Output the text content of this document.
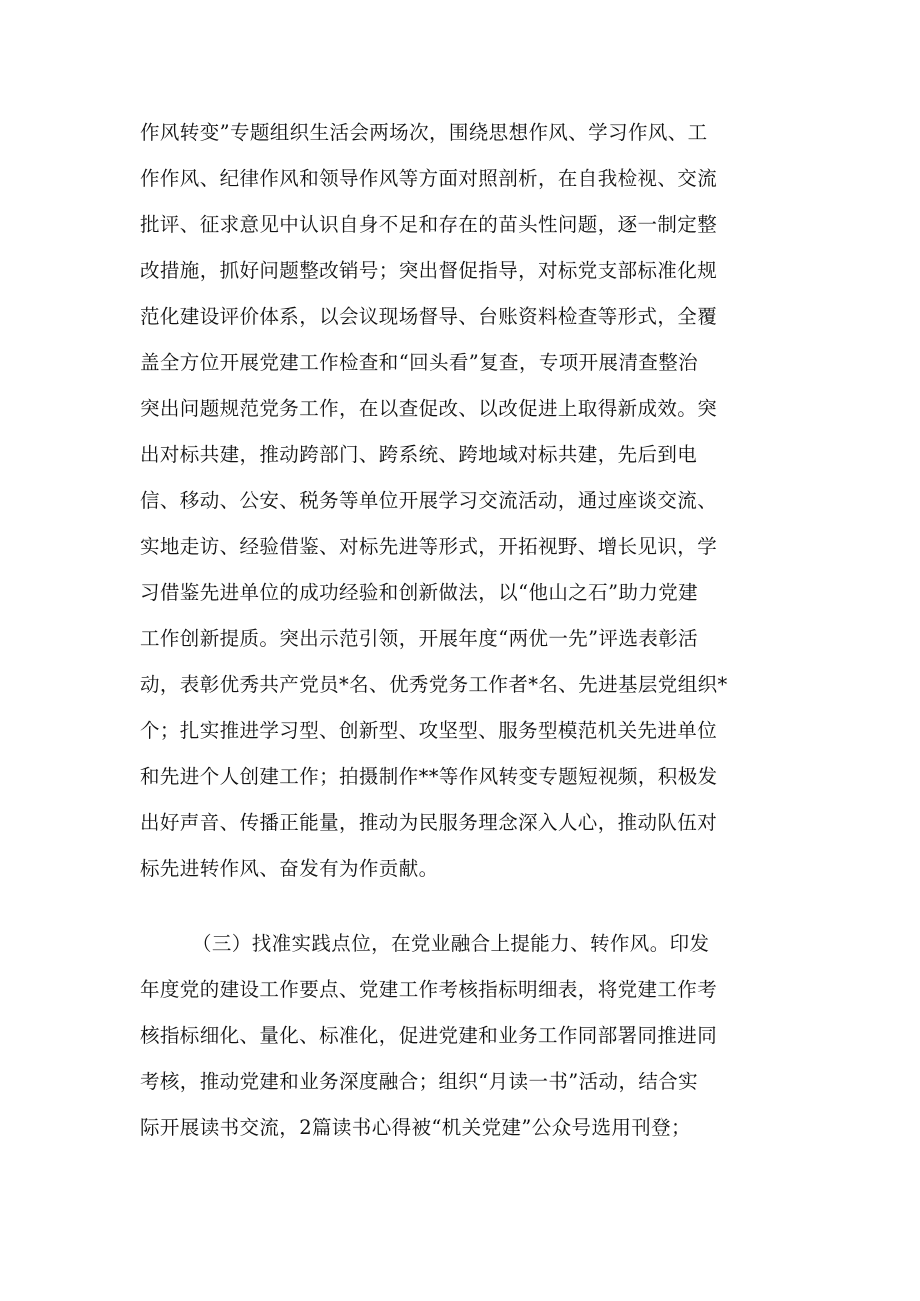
作风转变”专题组织生活会两场次，围绕思想作风、学习作风、工
作作风、纪律作风和领导作风等方面对照剖析，在自我检视、交流
批评、征求意见中认识自身不足和存在的苗头性问题，逐一制定整
改措施，抓好问题整改销号；突出督促指导，对标党支部标准化规
范化建设评价体系，以会议现场督导、台账资料检查等形式，全覆
盖全方位开展党建工作检查和“回头看”复查，专项开展清查整治
突出问题规范党务工作，在以查促改、以改促进上取得新成效。突
出对标共建，推动跨部门、跨系统、跨地域对标共建，先后到电
信、移动、公安、税务等单位开展学习交流活动，通过座谈交流、
实地走访、经验借鉴、对标先进等形式，开拓视野、增长见识，学
习借鉴先进单位的成功经验和创新做法，以“他山之石”助力党建
工作创新提质。突出示范引领，开展年度“两优一先”评选表彰活
动，表彰优秀共产党员*名、优秀党务工作者*名、先进基层党组织*
个；扎实推进学习型、创新型、攻坚型、服务型模范机关先进单位
和先进个人创建工作；拍摄制作**等作风转变专题短视频，积极发
出好声音、传播正能量，推动为民服务理念深入人心，推动队伍对
标先进转作风、奋发有为作贡献。
（三）找准实践点位，在党业融合上提能力、转作风。印发
年度党的建设工作要点、党建工作考核指标明细表，将党建工作考
核指标细化、量化、标准化，促进党建和业务工作同部署同推进同
考核，推动党建和业务深度融合；组织“月读一书”活动，结合实
际开展读书交流，2篇读书心得被“机关党建”公众号选用刊登；
